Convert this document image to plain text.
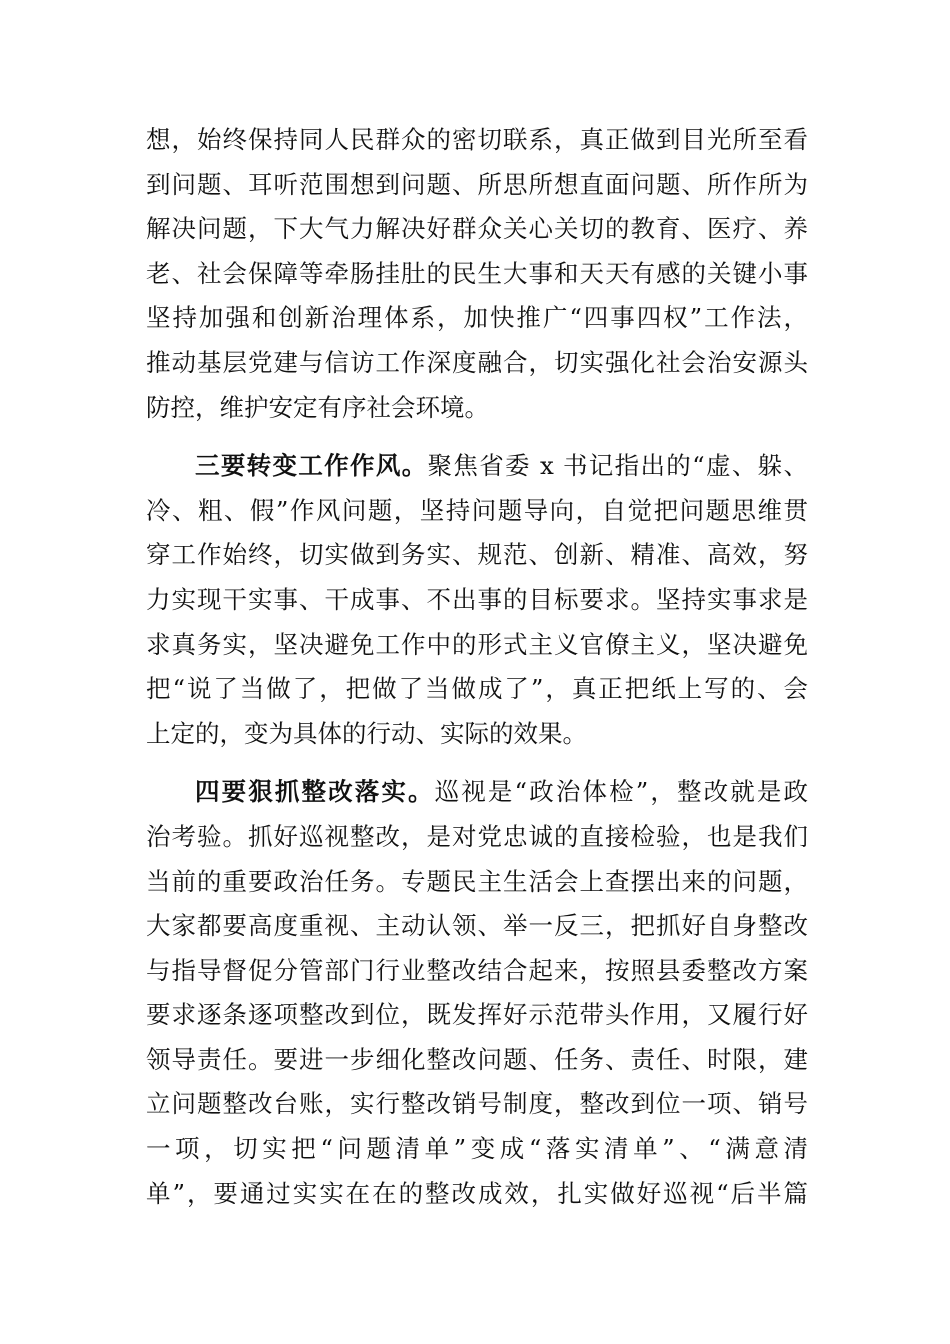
想，始终保持同人民群众的密切联系，真正做到目光所至看
到问题、耳听范围想到问题、所思所想直面问题、所作所为
解决问题，下大气力解决好群众关心关切的教育、医疗、养
老、社会保障等牵肠挂肚的民生大事和天天有感的关键小事
坚持加强和创新治理体系，加快推广“四事四权”工作法，
推动基层党建与信访工作深度融合，切实强化社会治安源头
防控，维护安定有序社会环境。
三要转变工作作风。聚焦省委 x 书记指出的“虚、躲、
冷、粗、假”作风问题，坚持问题导向，自觉把问题思维贯
穿工作始终，切实做到务实、规范、创新、精准、高效，努
力实现干实事、干成事、不出事的目标要求。坚持实事求是
求真务实，坚决避免工作中的形式主义官僚主义，坚决避免
把“说了当做了，把做了当做成了”，真正把纸上写的、会
上定的，变为具体的行动、实际的效果。
四要狠抓整改落实。巡视是“政治体检”，整改就是政
治考验。抓好巡视整改，是对党忠诚的直接检验，也是我们
当前的重要政治任务。专题民主生活会上查摆出来的问题，
大家都要高度重视、主动认领、举一反三，把抓好自身整改
与指导督促分管部门行业整改结合起来，按照县委整改方案
要求逐条逐项整改到位，既发挥好示范带头作用，又履行好
领导责任。要进一步细化整改问题、任务、责任、时限，建
立问题整改台账，实行整改销号制度，整改到位一项、销号
一项，切实把“问题清单”变成“落实清单”、“满意清
单”，要通过实实在在的整改成效，扎实做好巡视“后半篇
